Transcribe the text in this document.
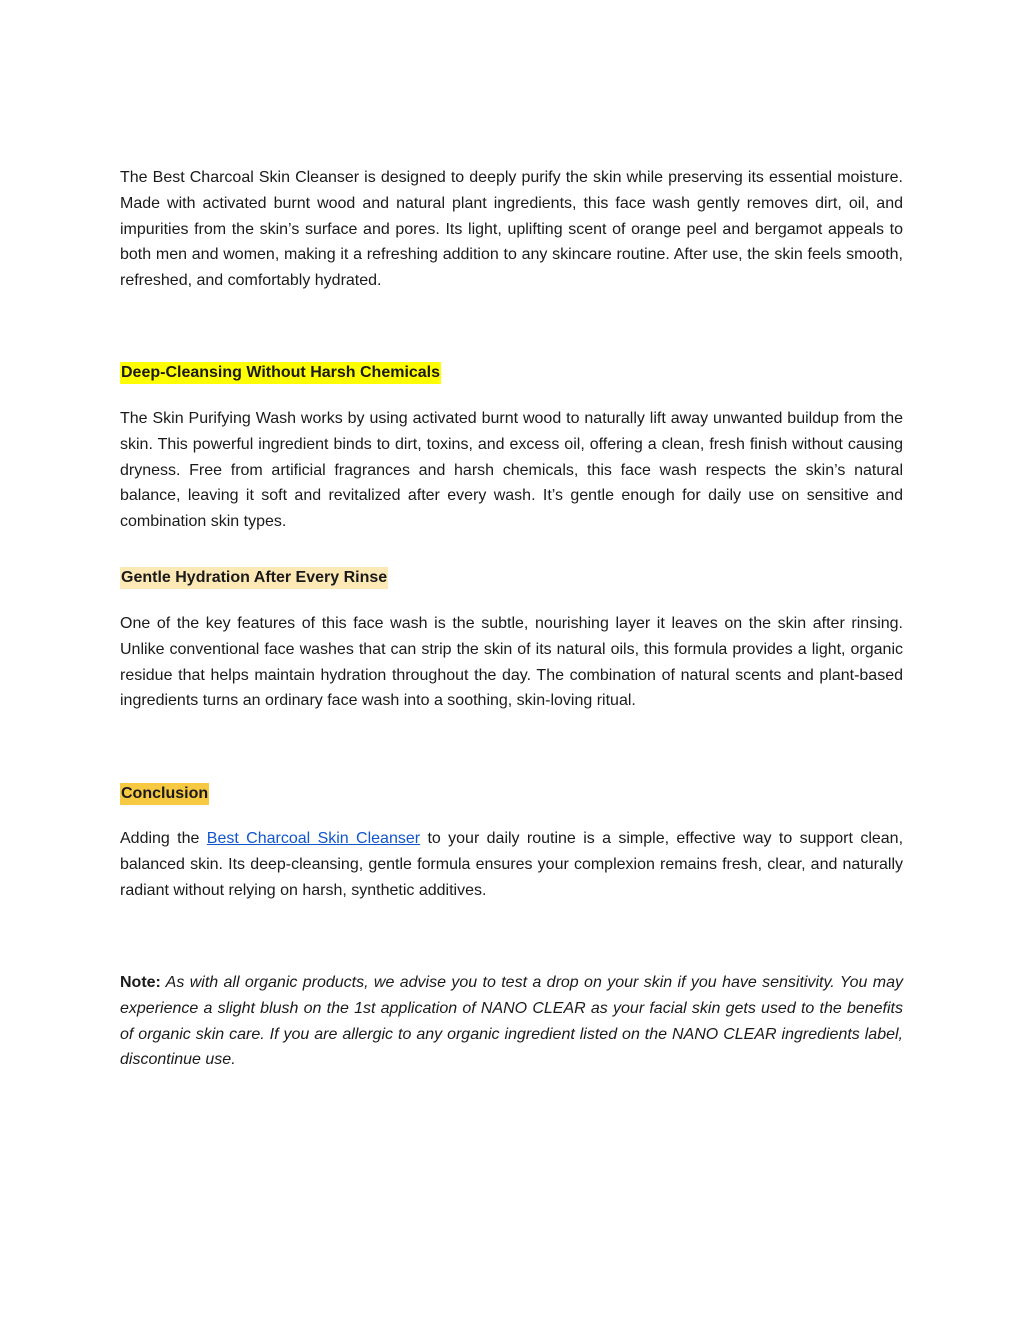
The Best Charcoal Skin Cleanser is designed to deeply purify the skin while preserving its essential moisture. Made with activated burnt wood and natural plant ingredients, this face wash gently removes dirt, oil, and impurities from the skin’s surface and pores. Its light, uplifting scent of orange peel and bergamot appeals to both men and women, making it a refreshing addition to any skincare routine. After use, the skin feels smooth, refreshed, and comfortably hydrated.

Deep-Cleansing Without Harsh Chemicals

The Skin Purifying Wash works by using activated burnt wood to naturally lift away unwanted buildup from the skin. This powerful ingredient binds to dirt, toxins, and excess oil, offering a clean, fresh finish without causing dryness. Free from artificial fragrances and harsh chemicals, this face wash respects the skin’s natural balance, leaving it soft and revitalized after every wash. It’s gentle enough for daily use on sensitive and combination skin types.

Gentle Hydration After Every Rinse

One of the key features of this face wash is the subtle, nourishing layer it leaves on the skin after rinsing. Unlike conventional face washes that can strip the skin of its natural oils, this formula provides a light, organic residue that helps maintain hydration throughout the day. The combination of natural scents and plant-based ingredients turns an ordinary face wash into a soothing, skin-loving ritual.

Conclusion

Adding the Best Charcoal Skin Cleanser to your daily routine is a simple, effective way to support clean, balanced skin. Its deep-cleansing, gentle formula ensures your complexion remains fresh, clear, and naturally radiant without relying on harsh, synthetic additives.

Note: As with all organic products, we advise you to test a drop on your skin if you have sensitivity. You may experience a slight blush on the 1st application of NANO CLEAR as your facial skin gets used to the benefits of organic skin care. If you are allergic to any organic ingredient listed on the NANO CLEAR ingredients label, discontinue use.
